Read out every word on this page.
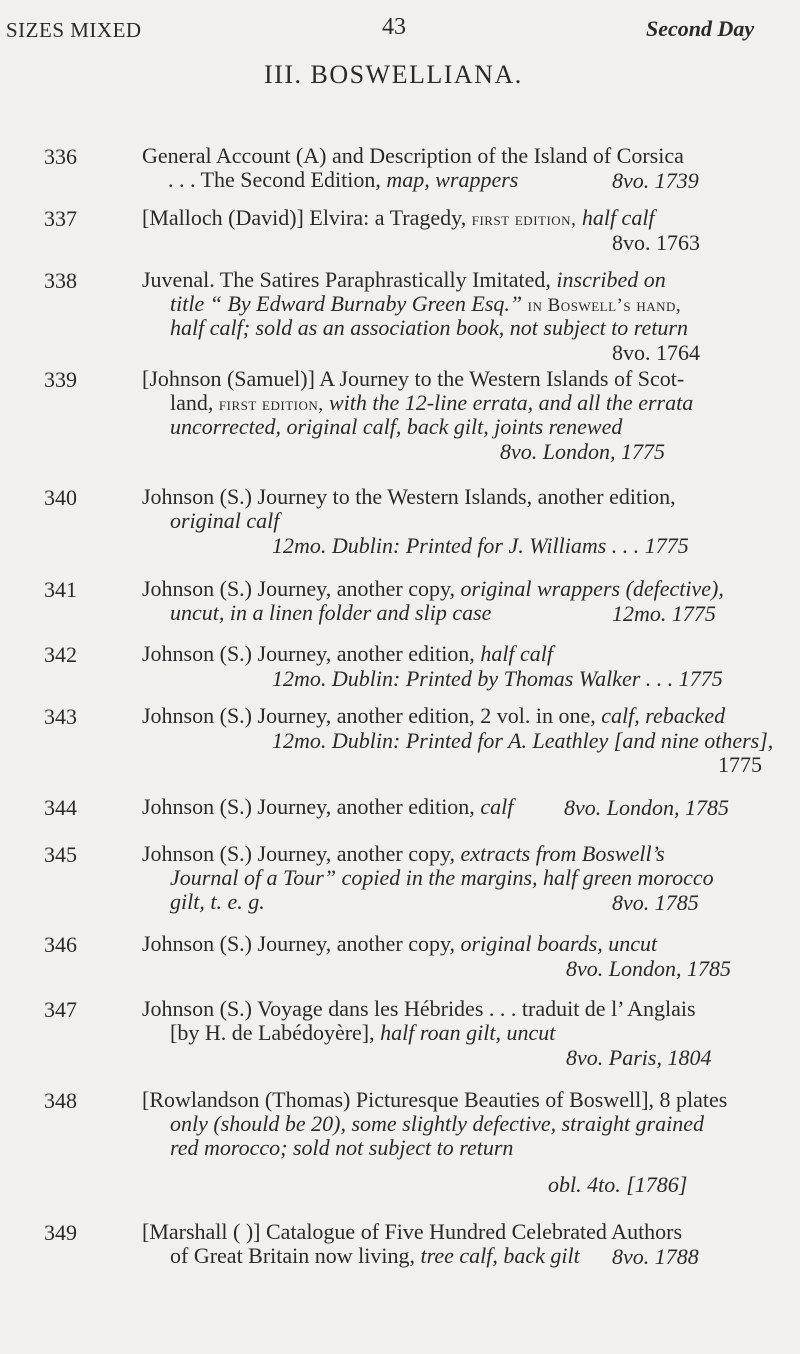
SIZES MIXED	43	Second Day
III. BOSWELLIANA.
336	General Account (A) and Description of the Island of Corsica
. . . The Second Edition, map, wrappers	8vo. 1739
337	[Malloch (David)] Elvira: a Tragedy, first edition, half calf
8vo. 1763
338	Juvenal. The Satires Paraphrastically Imitated, inscribed on
title “ By Edward Burnaby Green Esq.” in Boswell’s hand,
half calf; sold as an association book, not subject to return
8vo. 1764
339	[Johnson (Samuel)] A Journey to the Western Islands of Scot-
land, first edition, with the 12-line errata, and all the errata
uncorrected, original calf, back gilt, joints renewed
8vo. London, 1775
340	Johnson (S.) Journey to the Western Islands, another edition,
original calf
12mo. Dublin: Printed for J. Williams . . . 1775
341	Johnson (S.) Journey, another copy, original wrappers (defective),
uncut, in a linen folder and slip case	12mo. 1775
342	Johnson (S.) Journey, another edition, half calf
12mo. Dublin: Printed by Thomas Walker . . . 1775
343	Johnson (S.) Journey, another edition, 2 vol. in one, calf, rebacked
12mo. Dublin: Printed for A. Leathley [and nine others],
1775
344	Johnson (S.) Journey, another edition, calf 8vo. London, 1785
345	Johnson (S.) Journey, another copy, extracts from Boswell’s
Journal of a Tour” copied in the margins, half green morocco
gilt, t. e. g.	8vo. 1785
346	Johnson (S.) Journey, another copy, original boards, uncut
8vo. London, 1785
347	Johnson (S.) Voyage dans les Hébrides . . . traduit de l’ Anglais
[by H. de Labédoyère], half roan gilt, uncut
8vo. Paris, 1804
348	[Rowlandson (Thomas) Picturesque Beauties of Boswell], 8 plates
only (should be 20), some slightly defective, straight grained
red morocco; sold not subject to return
obl. 4to. [1786]
349	[Marshall ( )] Catalogue of Five Hundred Celebrated Authors
of Great Britain now living, tree calf, back gilt 8vo. 1788
